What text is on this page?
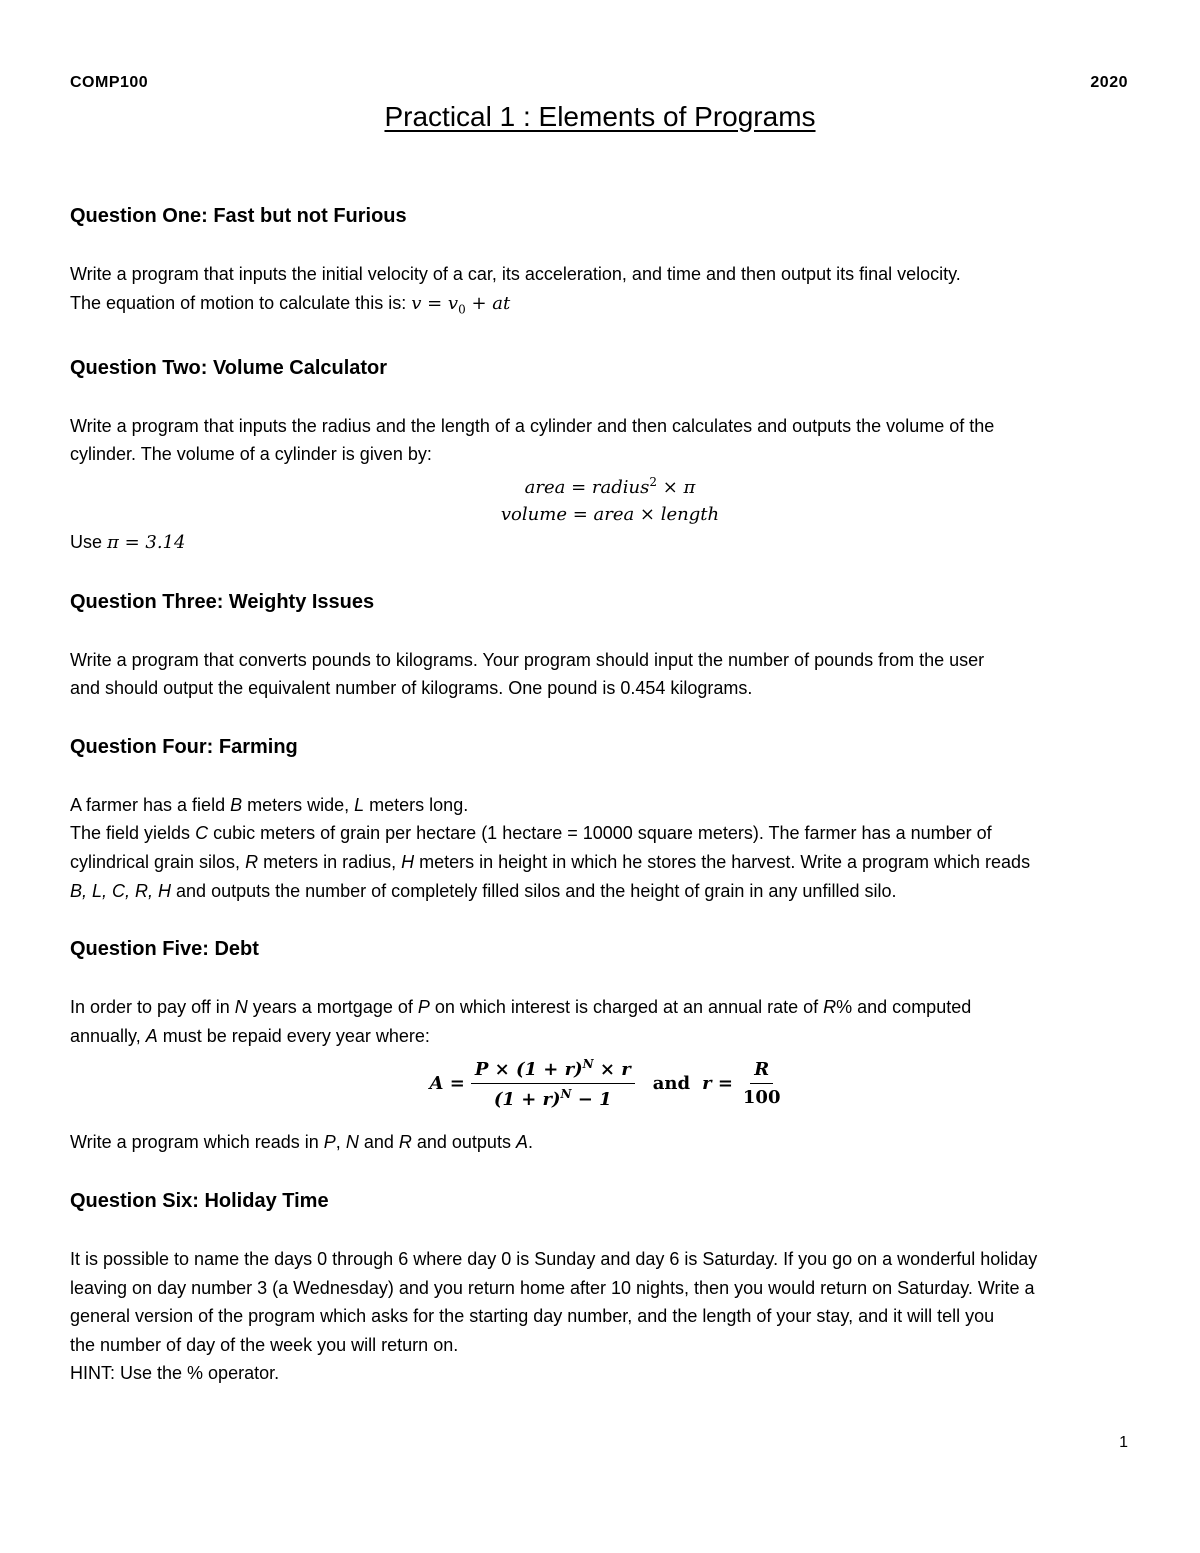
COMP100	2020
Practical 1 : Elements of Programs
Question One: Fast but not Furious

Write a program that inputs the initial velocity of a car, its acceleration, and time and then output its final velocity.

The equation of motion to calculate this is: $v = v_0$ + at

Question Two: Volume Calculator

Write a program that inputs the radius and the length of a cylinder and then calculates and outputs the volume of the

cylinder. The volume of a cylinder is given by:

area = radius$^2$ × π
volume = area × length

Use π = 3.14

Question Three: Weighty Issues

Write a program that converts pounds to kilograms. Your program should input the number of pounds from the user

and should output the equivalent number of kilograms. One pound is 0.454 kilograms.

Question Four: Farming

A farmer has a field B meters wide, L meters long.

The field yields C cubic meters of grain per hectare (1 hectare = 10000 square meters). The farmer has a number of

cylindrical grain silos, R meters in radius, H meters in height in which he stores the harvest. Write a program which reads

B, L, C, R, H and outputs the number of completely filled silos and the height of grain in any unfilled silo.

Question Five: Debt

In order to pay off in N years a mortgage of P on which interest is charged at an annual rate of R% and computed

annually, A must be repaid every year where:

$A = \frac{P \times (1 + r)^N \times r}{(1 + r)^N - 1}$ and $r = \frac{R}{100}$

Write a program which reads in P, N and R and outputs A.

Question Six: Holiday Time

It is possible to name the days 0 through 6 where day 0 is Sunday and day 6 is Saturday. If you go on a wonderful holiday

leaving on day number 3 (a Wednesday) and you return home after 10 nights, then you would return on Saturday. Write a

general version of the program which asks for the starting day number, and the length of your stay, and it will tell you

the number of day of the week you will return on.

HINT: Use the % operator.

1
